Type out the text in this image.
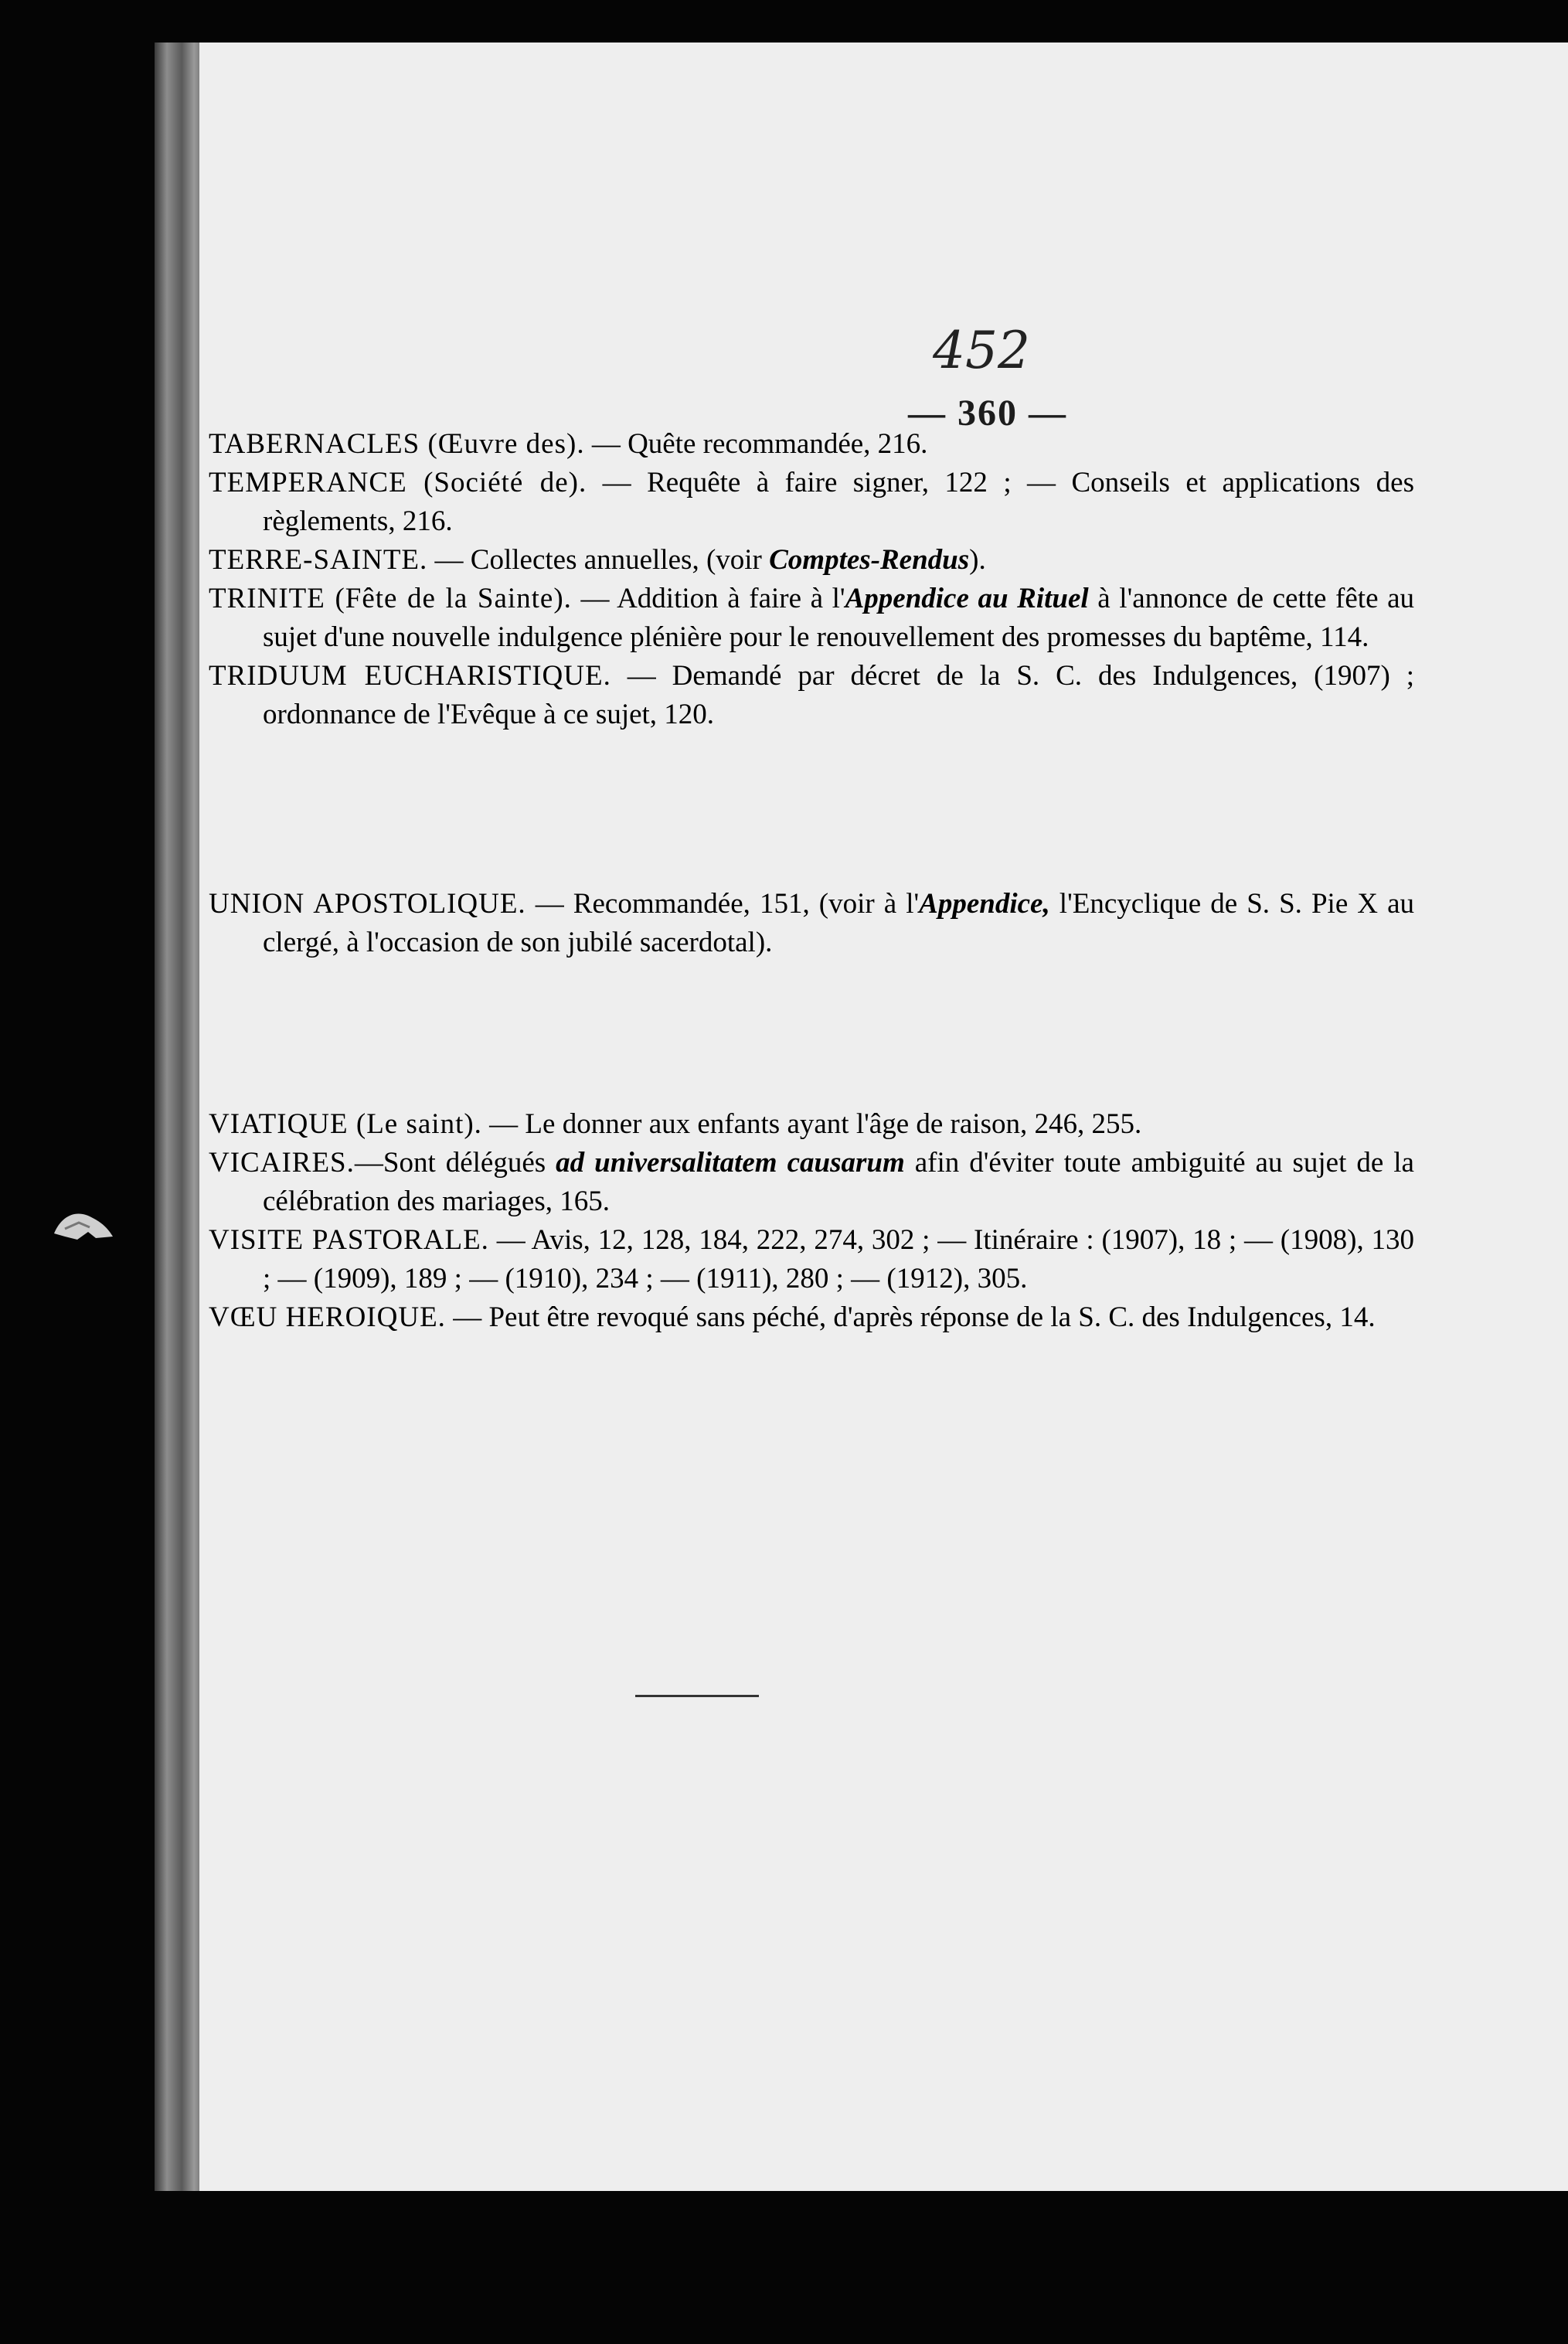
452
— 360 —

TABERNACLES (Œuvre des). — Quête recommandée, 216.

TEMPERANCE (Société de). — Requête à faire signer, 122 ; — Conseils et applications des règlements, 216.

TERRE-SAINTE. — Collectes annuelles, (voir Comptes-Rendus).

TRINITE (Fête de la Sainte). — Addition à faire à l'Appendice au Rituel à l'annonce de cette fête au sujet d'une nouvelle indulgence plénière pour le renouvellement des promesses du baptême, 114.

TRIDUUM EUCHARISTIQUE. — Demandé par décret de la S. C. des Indulgences, (1907) ; ordonnance de l'Evêque à ce sujet, 120.

UNION APOSTOLIQUE. — Recommandée, 151, (voir à l'Appendice, l'Encyclique de S. S. Pie X au clergé, à l'occasion de son jubilé sacerdotal).

VIATIQUE (Le saint). — Le donner aux enfants ayant l'âge de raison, 246, 255.

VICAIRES.—Sont délégués ad universalitatem causarum afin d'éviter toute ambiguité au sujet de la célébration des mariages, 165.

VISITE PASTORALE. — Avis, 12, 128, 184, 222, 274, 302 ; — Itinéraire : (1907), 18 ; — (1908), 130 ; — (1909), 189 ; — (1910), 234 ; — (1911), 280 ; — (1912), 305.

VŒU HEROIQUE. — Peut être revoqué sans péché, d'après réponse de la S. C. des Indulgences, 14.
